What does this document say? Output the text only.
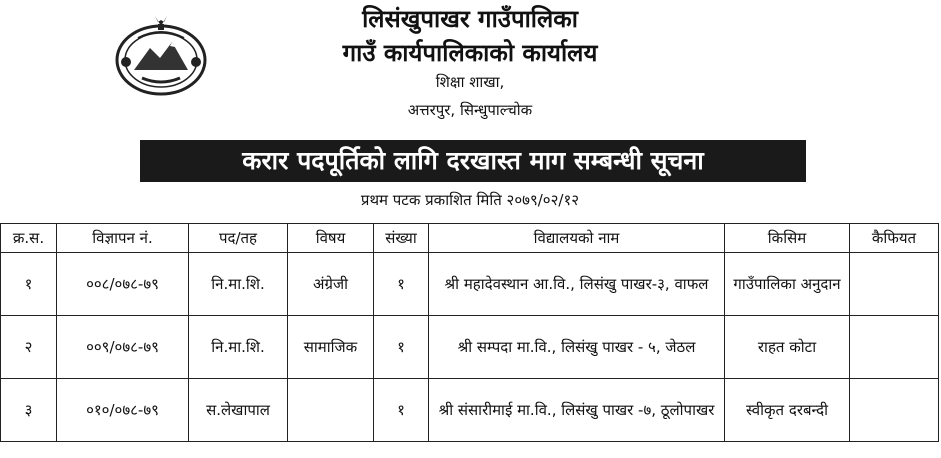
लिसंखुपाखर गाउँपालिका
गाउँ कार्यपालिकाको कार्यालय
शिक्षा शाखा,
अत्तरपुर, सिन्धुपाल्चोक
करार पदपूर्तिको लागि दरखास्त माग सम्बन्धी सूचना
प्रथम पटक प्रकाशित मिति २०७९/०२/१२
क्र.स.	विज्ञापन नं.	पद/तह	विषय	संख्या	विद्यालयको नाम	किसिम	कैफियत
१	००८/०७८-७९	नि.मा.शि.	अंग्रेजी	१	श्री महादेवस्थान आ.वि., लिसंखु पाखर-३, वाफल	गाउँपालिका अनुदान	
२	००९/०७८-७९	नि.मा.शि.	सामाजिक	१	श्री सम्पदा मा.वि., लिसंखु पाखर - ५, जेठल	राहत कोटा	
३	०१०/०७८-७९	स.लेखापाल		१	श्री संसारीमाई मा.वि., लिसंखु पाखर -७, ठूलोपाखर	स्वीकृत दरबन्दी	
